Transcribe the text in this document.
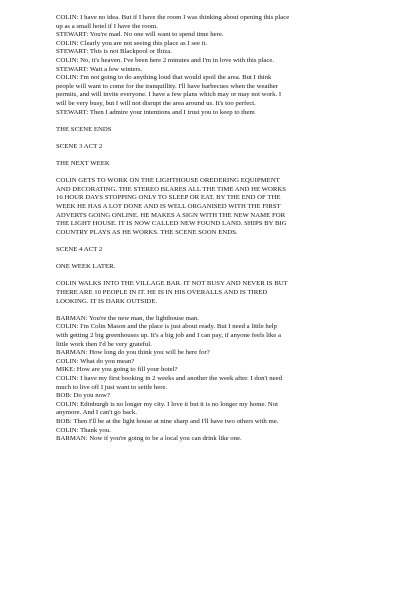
COLIN: I have no idea. But if I have the room I was thinking about opening this place
up as a small hotel if I have the room.
STEWART: You're mad. No one will want to spend time here.
COLIN: Clearly you are not seeing this place as I see it.
STEWART: This is not Blackpool or Ibiza.
COLIN: No, it's heaven. I've been here 2 minutes and I'm in love with this place.
STEWART: Wait a few winters.
COLIN: I'm not going to do anything loud that would spoil the area. But I think
people will want to come for the tranquillity. I'll have barbecues when the weather
permits, and will invite everyone. I have a few plans which may or may not work. I
will be very busy, but I will not disrupt the area around us. It's too perfect.
STEWART: Then I admire your intentions and I trust you to keep to them
THE SCENE ENDS
SCENE 3 ACT 2
THE NEXT WEEK
COLIN GETS TO WORK ON THE LIGHTHOUSE OREDERING EQUIPMENT
AND DECORATING. THE STEREO BLARES ALL THE TIME AND HE WORKS
16 HOUR DAYS STOPPING ONLY TO SLEEP OR EAT. BY THE END OF THE
WEEK HE HAS A LOT DONE AND IS WELL ORGANISED WITH THE FIRST
ADVERTS GOING ONLINE. HE MAKES A SIGN WITH THE NEW NAME FOR
THE LIGHT HOUSE. IT IS NOW CALLED NEW FOUND LAND. SHIPS BY BIG
COUNTRY PLAYS AS HE WORKS. THE SCENE SOON ENDS.
SCENE 4 ACT 2
ONE WEEK LATER.
COLIN WALKS INTO THE VILLAGE BAR. IT NOT BUSY AND NEVER IS BUT
THERE ARE 10 PEOPLE IN IT. HE IS IN HIS OVERALLS AND IS TIRED
LOOKING. IT IS DARK OUTSIDE.
BARMAN: You're the new man, the lighthouse man.
COLIN: I'm Colin Mason and the place is just about ready. But I need a little help
with getting 2 big greenhouses up. It's a big job and I can pay, if anyone feels like a
little work then I'd be very grateful.
BARMAN: How long do you think you will be here for?
COLIN: What do you mean?
MIKE: How are you going to fill your hotel?
COLIN: I have my first booking in 2 weeks and another the week after. I don't need
much to live off I just want to settle here.
BOB: Do you now?
COLIN: Edinburgh is no longer my city. I love it but it is no longer my home. Not
anymore. And I can't go back.
BOB: Then I'll be at the light house at nine sharp and I'll have two others with me.
COLIN: Thank you.
BARMAN: Now if you're going to be a local you can drink like one.
